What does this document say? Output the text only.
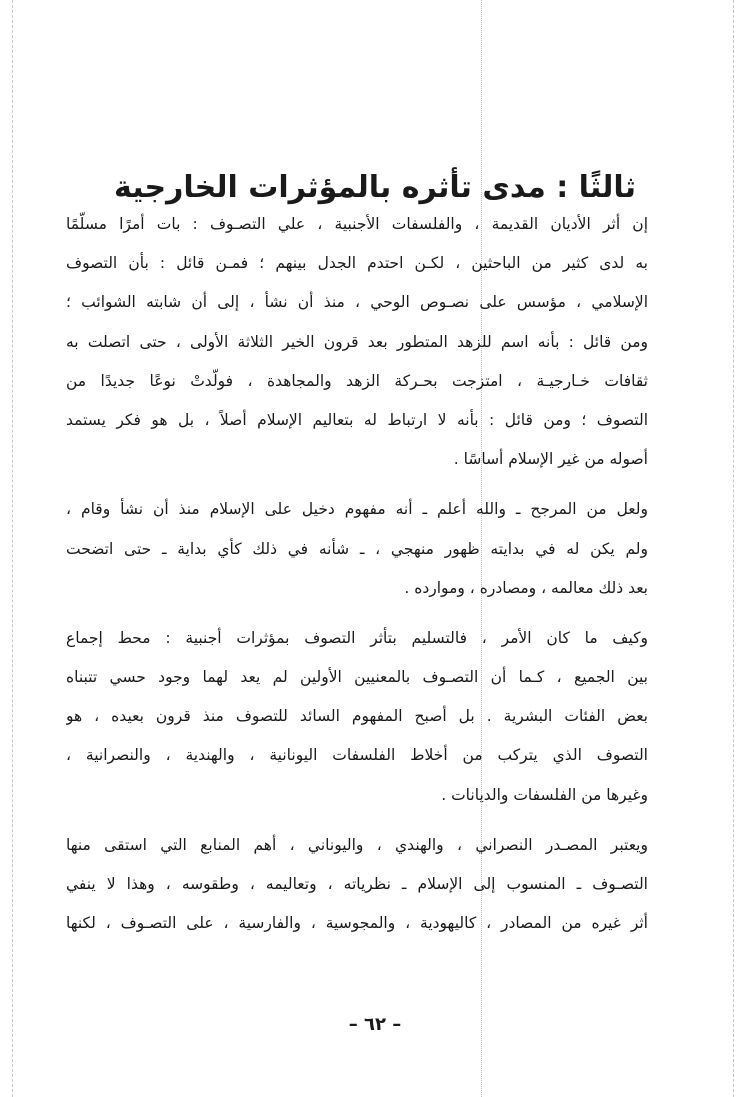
ثالثًا : مدى تأثره بالمؤثرات الخارجية
إن أثر الأديان القديمة ، والفلسفات الأجنبية ، علي التصـوف : بات أمرًا مسلّمًا
به لدى كثير من الباحثين ، لكـن احتدم الجدل بينهم ؛ فمـن قائل : بأن التصوف
الإسلامي ، مؤسس على نصـوص الوحي ، منذ أن نشأ ، إلى أن شابته الشوائب ؛
ومن قائل : بأنه اسم للزهد المتطور بعد قرون الخير الثلاثة الأولى ، حتى اتصلت به
ثقافات خـارجيـة ، امتزجت بحـركة الزهد والمجاهدة ، فولّدتْ نوعًا جديدًا من
التصوف ؛ ومن قائل : بأنه لا ارتباط له بتعاليم الإسلام أصلاً ، بل هو فكر يستمد
أصوله من غير الإسلام أساسًا .
ولعل من المرجح ـ والله أعلم ـ أنه مفهوم دخيل على الإسلام منذ أن نشأ وقام ،
ولم يكن له في بدايته ظهور منهجي ، ـ شأنه في ذلك كأي بداية ـ حتى اتضحت
بعد ذلك معالمه ، ومصادره ، وموارده .
وكيف ما كان الأمر ، فالتسليم بتأثر التصوف بمؤثرات أجنبية : محط إجماع
بين الجميع ، كـما أن التصـوف بالمعنيين الأولين لم يعد لهما وجود حسي تتبناه
بعض الفئات البشرية . بل أصبح المفهوم السائد للتصوف منذ قرون بعيده ، هو
التصوف الذي يتركب من أخلاط الفلسفات اليونانية ، والهندية ، والنصرانية ،
وغيرها من الفلسفات والديانات .
ويعتبر المصـدر النصراني ، والهندي ، واليوناني ، أهم المنابع التي استقى منها
التصـوف ـ المنسوب إلى الإسلام ـ نظرياته ، وتعاليمه ، وطقوسه ، وهذا لا ينفي
أثر غيره من المصادر ، كاليهودية ، والمجوسية ، والفارسية ، على التصـوف ، لكنها
– ٦٢ –
